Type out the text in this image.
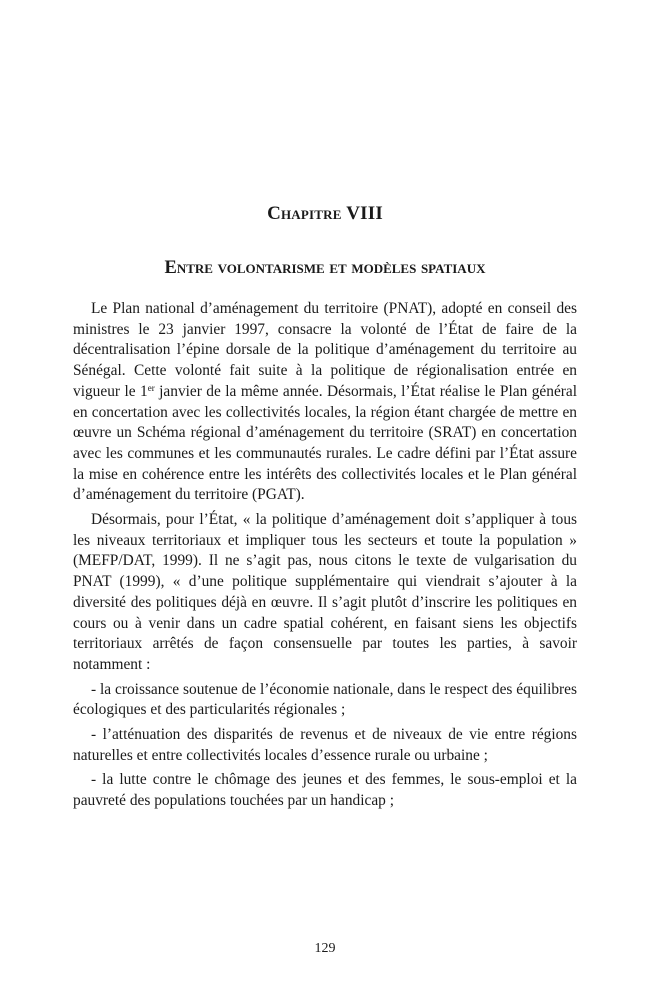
Chapitre VIII
Entre volontarisme et modèles spatiaux

Le Plan national d’aménagement du territoire (PNAT), adopté en conseil des ministres le 23 janvier 1997, consacre la volonté de l’État de faire de la décentralisation l’épine dorsale de la politique d’aménagement du territoire au Sénégal. Cette volonté fait suite à la politique de régionalisation entrée en vigueur le 1er janvier de la même année. Désormais, l’État réalise le Plan général en concertation avec les collectivités locales, la région étant chargée de mettre en œuvre un Schéma régional d’aménagement du territoire (SRAT) en concertation avec les communes et les communautés rurales. Le cadre défini par l’État assure la mise en cohérence entre les intérêts des collectivités locales et le Plan général d’aménagement du territoire (PGAT).

Désormais, pour l’État, « la politique d’aménagement doit s’appliquer à tous les niveaux territoriaux et impliquer tous les secteurs et toute la population » (MEFP/DAT, 1999). Il ne s’agit pas, nous citons le texte de vulgarisation du PNAT (1999), « d’une politique supplémentaire qui viendrait s’ajouter à la diversité des politiques déjà en œuvre. Il s’agit plutôt d’inscrire les politiques en cours ou à venir dans un cadre spatial cohérent, en faisant siens les objectifs territoriaux arrêtés de façon consensuelle par toutes les parties, à savoir notamment :

- la croissance soutenue de l’économie nationale, dans le respect des équilibres écologiques et des particularités régionales ;

- l’atténuation des disparités de revenus et de niveaux de vie entre régions naturelles et entre collectivités locales d’essence rurale ou urbaine ;

- la lutte contre le chômage des jeunes et des femmes, le sous-emploi et la pauvreté des populations touchées par un handicap ;

129
